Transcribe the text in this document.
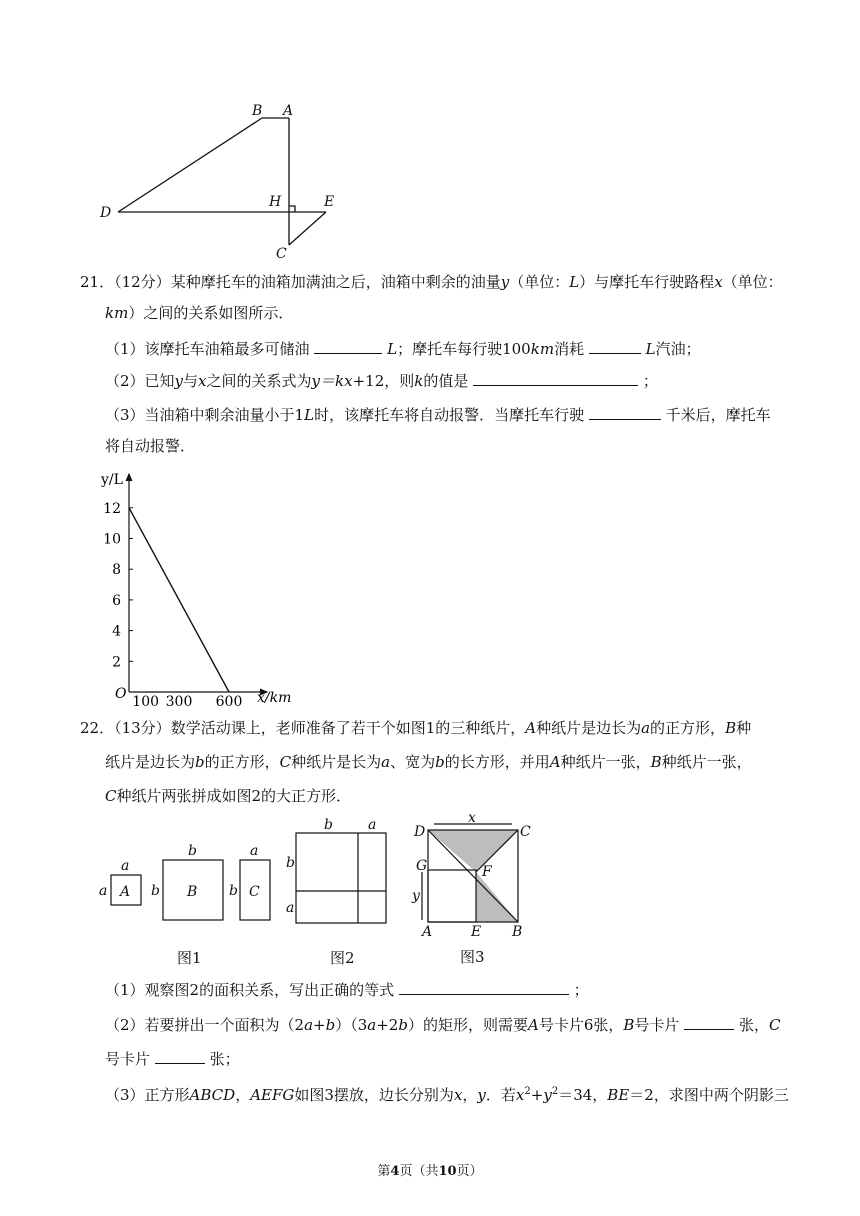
B A
D
H	E
C
21．（12分）某种摩托车的油箱加满油之后，油箱中剩余的油量y（单位：L）与摩托车行驶路程x（单位：
km）之间的关系如图所示．
（1）该摩托车油箱最多可储油	L；摩托车每行驶100km消耗	L汽油；
（2）已知y与x之间的关系式为y＝kx+12，则k的值是	；
（3）当油箱中剩余油量小于1L时，该摩托车将自动报警．当摩托车行驶	千米后，摩托车
将自动报警．
y/L
x/km
O
2
4
6
8
10
12
100 300 600
22．（13分）数学活动课上，老师准备了若干个如图1的三种纸片，A种纸片是边长为a的正方形，B种
纸片是边长为b的正方形，C种纸片是长为a、宽为b的长方形，并用A种纸片一张，B种纸片一张，
C种纸片两张拼成如图2的大正方形．
a
a A
b
b B
a
b C
图1
b	a
b
a
图2
x
y
D	C
G	F
A	E B
图3
（1）观察图2的面积关系，写出正确的等式	；
（2）若要拼出一个面积为（2a+b）（3a+2b）的矩形，则需要A号卡片6张，B号卡片	张，C
号卡片	张；
（3）正方形ABCD，AEFG如图3摆放，边长分别为x，y．若$x^2+y^2=34$，BE＝2，求图中两个阴影三
第4页（共10页）
